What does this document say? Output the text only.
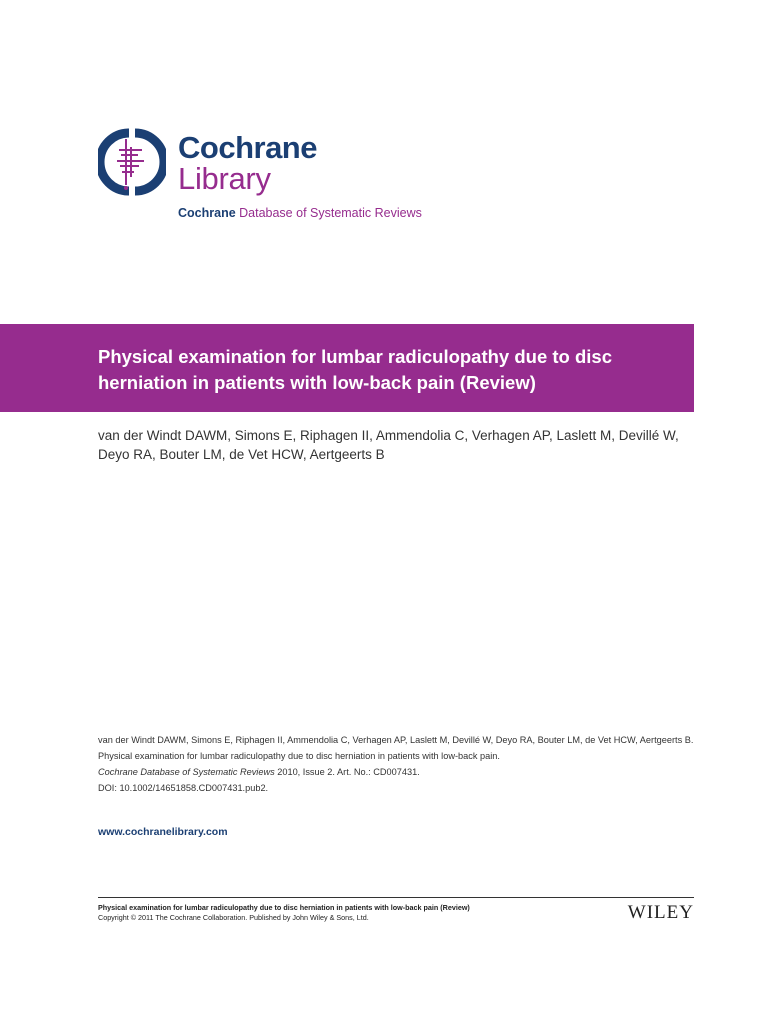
Cochrane
Library
Cochrane Database of Systematic Reviews
Physical examination for lumbar radiculopathy due to disc herniation in patients with low-back pain (Review)
van der Windt DAWM, Simons E, Riphagen II, Ammendolia C, Verhagen AP, Laslett M, Devillé W, Deyo RA, Bouter LM, de Vet HCW, Aertgeerts B
van der Windt DAWM, Simons E, Riphagen II, Ammendolia C, Verhagen AP, Laslett M, Devillé W, Deyo RA, Bouter LM, de Vet HCW, Aertgeerts B.
Physical examination for lumbar radiculopathy due to disc herniation in patients with low-back pain.
Cochrane Database of Systematic Reviews 2010, Issue 2. Art. No.: CD007431.
DOI: 10.1002/14651858.CD007431.pub2.
www.cochranelibrary.com
Physical examination for lumbar radiculopathy due to disc herniation in patients with low-back pain (Review)
Copyright © 2011 The Cochrane Collaboration. Published by John Wiley & Sons, Ltd.	WILEY
